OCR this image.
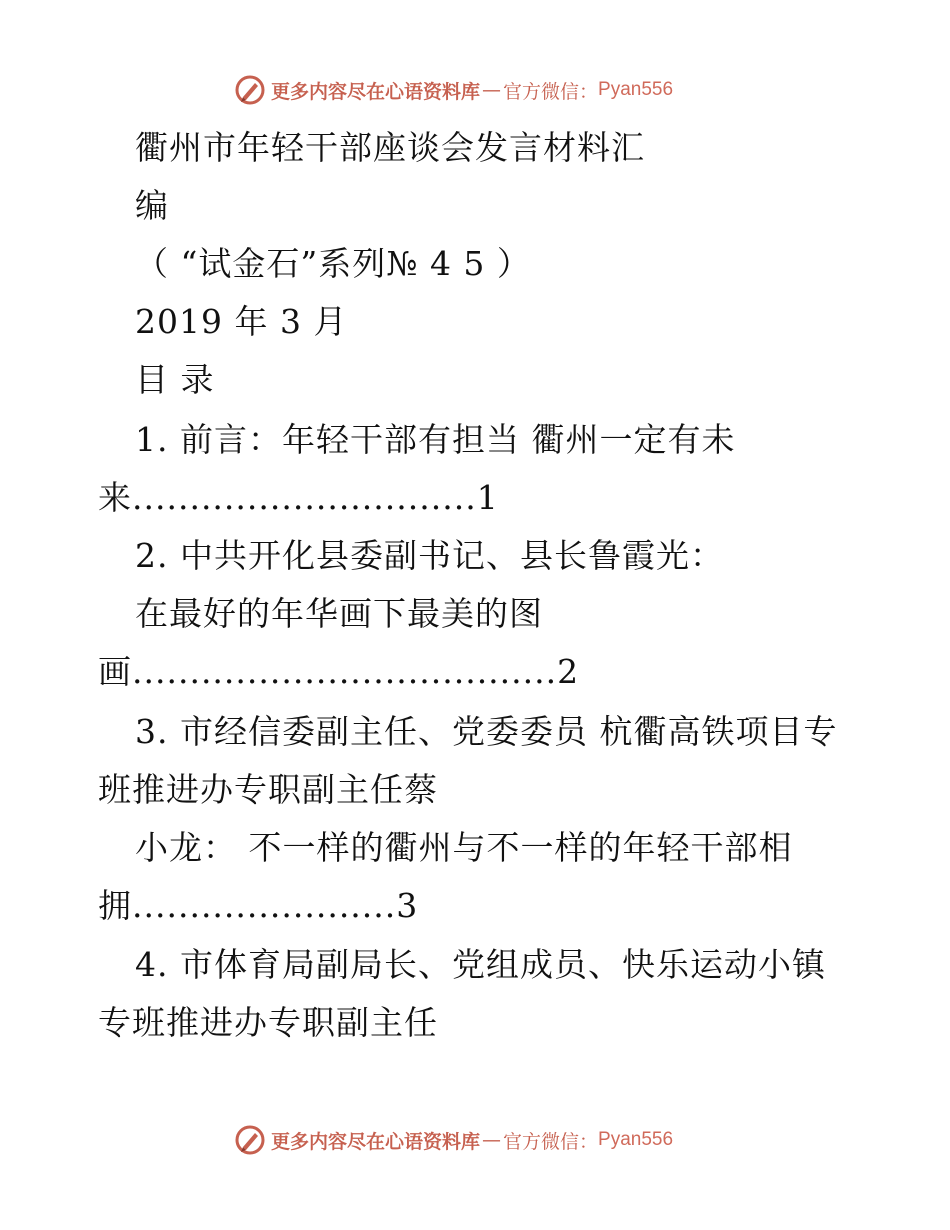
更多内容尽在心语资料库 — 官方微信： Pyan556
衢州市年轻干部座谈会发言材料汇
编
（ “试金石”系列№ 4 5 ）
2019 年 3 月
目 录
1. 前言：年轻干部有担当 衢州一定有未
来..............................1
2. 中共开化县委副书记、县长鲁霞光：
在最好的年华画下最美的图
画.....................................2
3. 市经信委副主任、党委委员 杭衢高铁项目专
班推进办专职副主任蔡
小龙： 不一样的衢州与不一样的年轻干部相
拥.......................3
4. 市体育局副局长、党组成员、快乐运动小镇
专班推进办专职副主任
更多内容尽在心语资料库 — 官方微信： Pyan556
